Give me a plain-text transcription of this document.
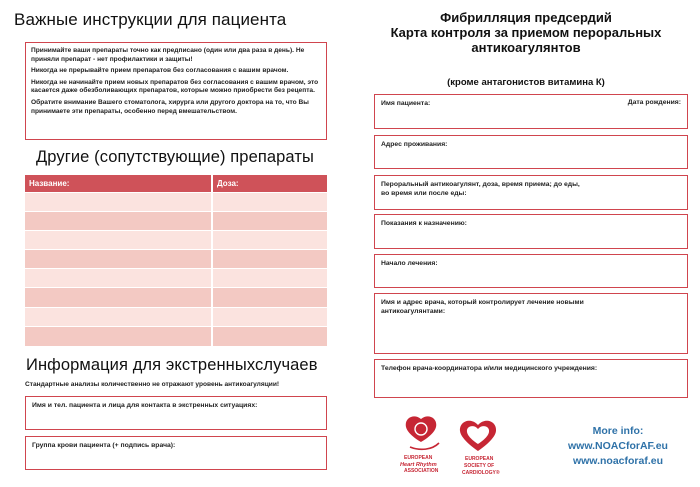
Важные инструкции для пациента

Принимайте ваши препараты точно как предписано (один или два раза в день). Не приняли препарат - нет профилактики и защиты!

Никогда не прерывайте прием препаратов без согласования с вашим врачом.

Никогда не начинайте прием новых препаратов без согласования с вашим врачом, это касается даже обезболивающих препаратов, которые можно приобрести без рецепта.

Обратите внимание Вашего стоматолога, хирурга или другого доктора на то, что Вы принимаете эти препараты, особенно перед вмешательством.

Другие (сопутствующие) препараты
Название:	Доза:

Информация для экстренныхслучаев
Стандартные анализы количественно не отражают уровень антикоагуляции!
Имя и тел. пациента и лица для контакта в экстренных ситуациях:
Группа крови пациента (+ подпись врача):
Фибрилляция предсердий
Карта контроля за приемом пероральных
антикоагулянтов
(кроме антагонистов витамина К)
Имя пациента:	Дата рождения:
Адрес проживания:
Пероральный антикоагулянт, доза, время приема; до еды,
во время или после еды:
Показания к назначению:
Начало лечения:
Имя и адрес врача, который контролирует лечение новыми
антикоагулянтами:
Телефон врача-координатора и/или медицинского учреждения:
EUROPEAN
Heart Rhythm
ASSOCIATION
EUROPEAN
SOCIETY OF
CARDIOLOGY®
More info:
www.NOACforAF.eu
www.noacforaf.eu
